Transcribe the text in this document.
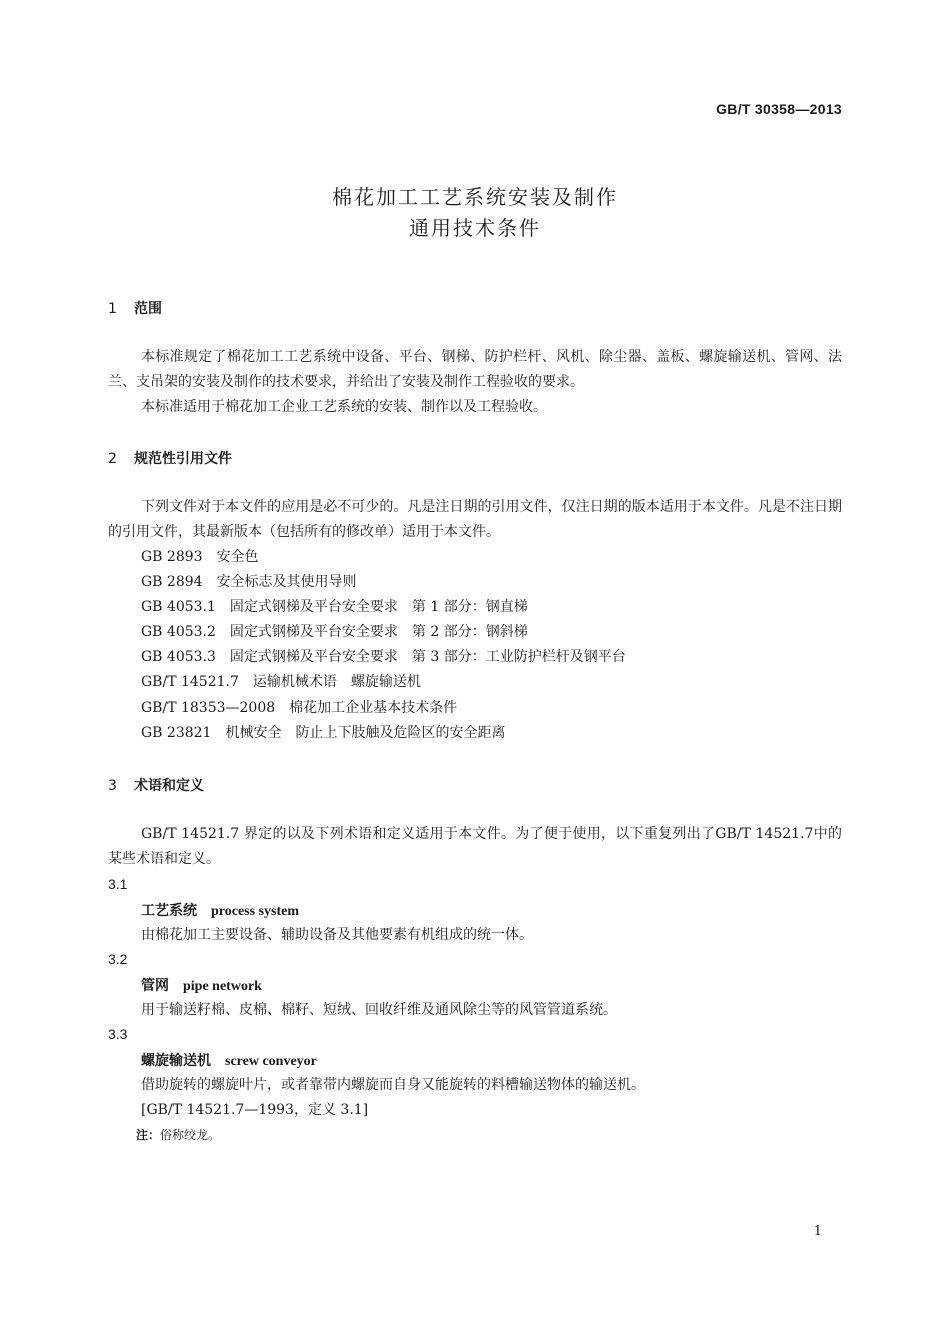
GB/T 30358—2013
棉花加工工艺系统安装及制作
通用技术条件
1 范围
本标准规定了棉花加工工艺系统中设备、平台、钢梯、防护栏杆、风机、除尘器、盖板、螺旋输送机、管网、法兰、支吊架的安装及制作的技术要求，并给出了安装及制作工程验收的要求。
本标准适用于棉花加工企业工艺系统的安装、制作以及工程验收。
2 规范性引用文件
下列文件对于本文件的应用是必不可少的。凡是注日期的引用文件，仅注日期的版本适用于本文件。凡是不注日期的引用文件，其最新版本（包括所有的修改单）适用于本文件。
GB 2893 安全色
GB 2894 安全标志及其使用导则
GB 4053.1 固定式钢梯及平台安全要求　第 1 部分：钢直梯
GB 4053.2 固定式钢梯及平台安全要求　第 2 部分：钢斜梯
GB 4053.3 固定式钢梯及平台安全要求　第 3 部分：工业防护栏杆及钢平台
GB/T 14521.7 运输机械术语　螺旋输送机
GB/T 18353—2008 棉花加工企业基本技术条件
GB 23821 机械安全　防止上下肢触及危险区的安全距离
3 术语和定义
GB/T 14521.7 界定的以及下列术语和定义适用于本文件。为了便于使用，以下重复列出了GB/T 14521.7中的某些术语和定义。
3.1
工艺系统 process system
由棉花加工主要设备、辅助设备及其他要素有机组成的统一体。
3.2
管网 pipe network
用于输送籽棉、皮棉、棉籽、短绒、回收纤维及通风除尘等的风管管道系统。
3.3
螺旋输送机 screw conveyor
借助旋转的螺旋叶片，或者靠带内螺旋而自身又能旋转的料槽输送物体的输送机。
[GB/T 14521.7—1993，定义 3.1]
注：俗称绞龙。
1
